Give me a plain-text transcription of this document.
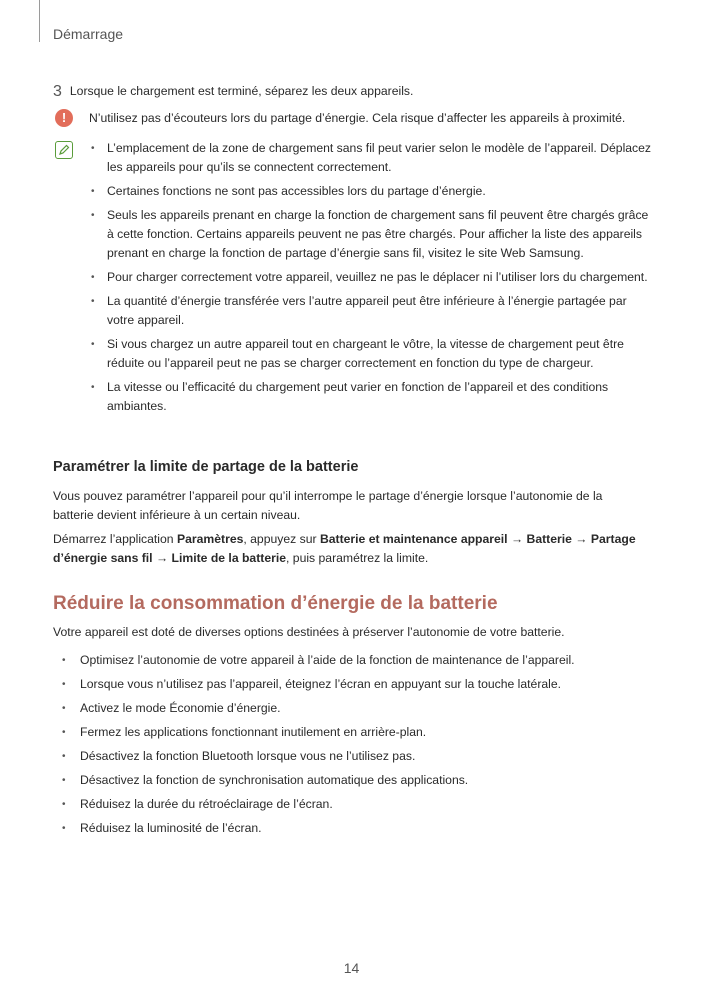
Démarrage
3 Lorsque le chargement est terminé, séparez les deux appareils.
!	N’utilisez pas d’écouteurs lors du partage d’énergie. Cela risque d’affecter les appareils à proximité.
• L’emplacement de la zone de chargement sans fil peut varier selon le modèle de l’appareil. Déplacez les appareils pour qu’ils se connectent correctement.
• Certaines fonctions ne sont pas accessibles lors du partage d’énergie.
• Seuls les appareils prenant en charge la fonction de chargement sans fil peuvent être chargés grâce à cette fonction. Certains appareils peuvent ne pas être chargés. Pour afficher la liste des appareils prenant en charge la fonction de partage d’énergie sans fil, visitez le site Web Samsung.
• Pour charger correctement votre appareil, veuillez ne pas le déplacer ni l’utiliser lors du chargement.
• La quantité d’énergie transférée vers l’autre appareil peut être inférieure à l’énergie partagée par votre appareil.
• Si vous chargez un autre appareil tout en chargeant le vôtre, la vitesse de chargement peut être réduite ou l’appareil peut ne pas se charger correctement en fonction du type de chargeur.
• La vitesse ou l’efficacité du chargement peut varier en fonction de l’appareil et des conditions ambiantes.
Paramétrer la limite de partage de la batterie

Vous pouvez paramétrer l’appareil pour qu’il interrompe le partage d’énergie lorsque l’autonomie de la batterie devient inférieure à un certain niveau.

Démarrez l’application Paramètres, appuyez sur Batterie et maintenance appareil → Batterie → Partage d’énergie sans fil → Limite de la batterie, puis paramétrez la limite.

Réduire la consommation d’énergie de la batterie

Votre appareil est doté de diverses options destinées à préserver l’autonomie de votre batterie.

• Optimisez l’autonomie de votre appareil à l’aide de la fonction de maintenance de l’appareil.
• Lorsque vous n’utilisez pas l’appareil, éteignez l’écran en appuyant sur la touche latérale.
• Activez le mode Économie d’énergie.
• Fermez les applications fonctionnant inutilement en arrière-plan.
• Désactivez la fonction Bluetooth lorsque vous ne l’utilisez pas.
• Désactivez la fonction de synchronisation automatique des applications.
• Réduisez la durée du rétroéclairage de l’écran.
• Réduisez la luminosité de l’écran.
14
